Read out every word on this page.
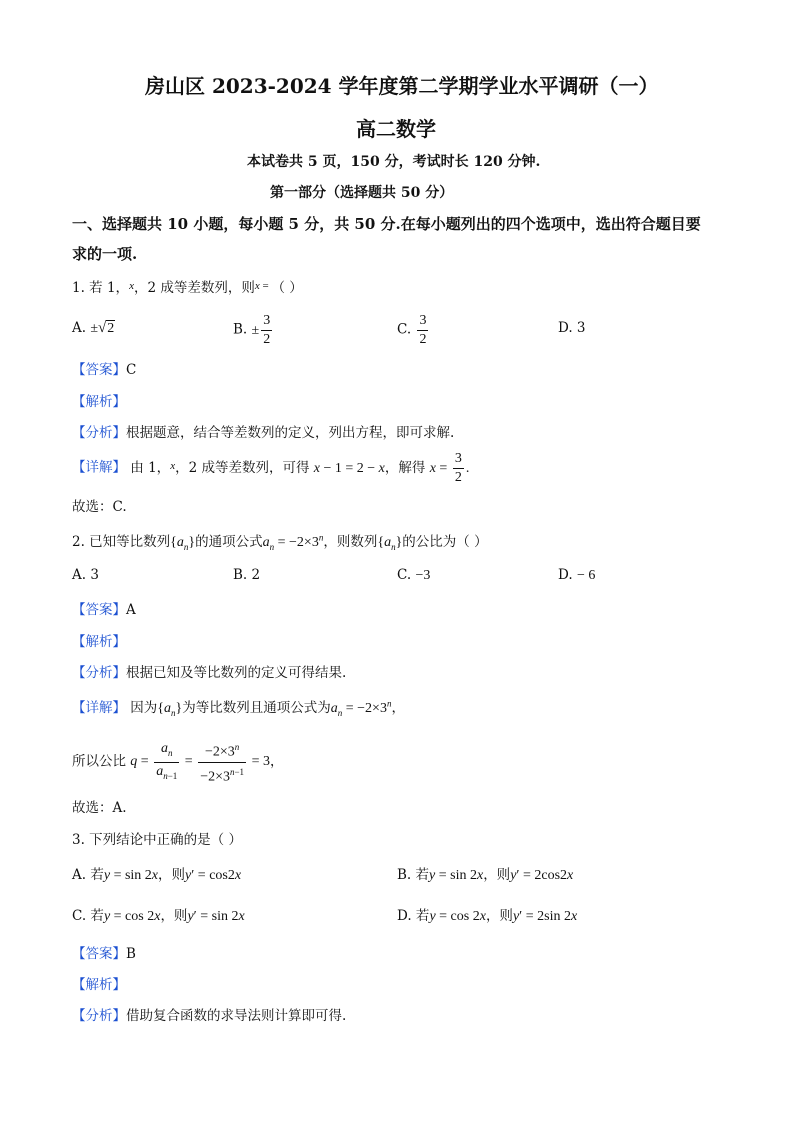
房山区 2023-2024 学年度第二学期学业水平调研（一）
高二数学
本试卷共 5 页，150 分，考试时长 120 分钟.
第一部分（选择题共 50 分）
一、选择题共 10 小题，每小题 5 分，共 50 分.在每小题列出的四个选项中，选出符合题目要
求的一项.
1. 若 1，$^x$，2 成等差数列，则$^x$ = （ ）
A. ±√2	B. ± $\frac{3}{2}$	C. $\frac{3}{2}$	D. 3
【答案】C
【解析】
【分析】根据题意，结合等差数列的定义，列出方程，即可求解.
【详解】 由 1，$^x$，2 成等差数列，可得 x − 1 = 2 − x，解得 $x = \frac{3}{2}$ .
故选：C.
2. 已知等比数列$\{a_n\}$的通项公式$a_n = -2\times 3^n$，则数列$\{a_n\}$的公比为（ ）
A. 3	B. 2	C. −3	D. − 6
【答案】A
【解析】
【分析】根据已知及等比数列的定义可得结果.
【详解】 因为$\{a_n\}$为等比数列且通项公式为$a_n = -2\times 3^n$，
所以公比 $q = \frac{a_n}{a_{n-1}} = \frac{-2\times 3^n}{-2\times 3^{n-1}} = 3$，
故选：A.
3. 下列结论中正确的是（ ）
A. 若y = sin 2x，则y′ = cos2x	B. 若y = sin 2x，则y′ = 2cos2x
C. 若y = cos 2x，则y′ = sin 2x	D. 若y = cos 2x，则y′ = 2sin 2x
【答案】B
【解析】
【分析】借助复合函数的求导法则计算即可得.
